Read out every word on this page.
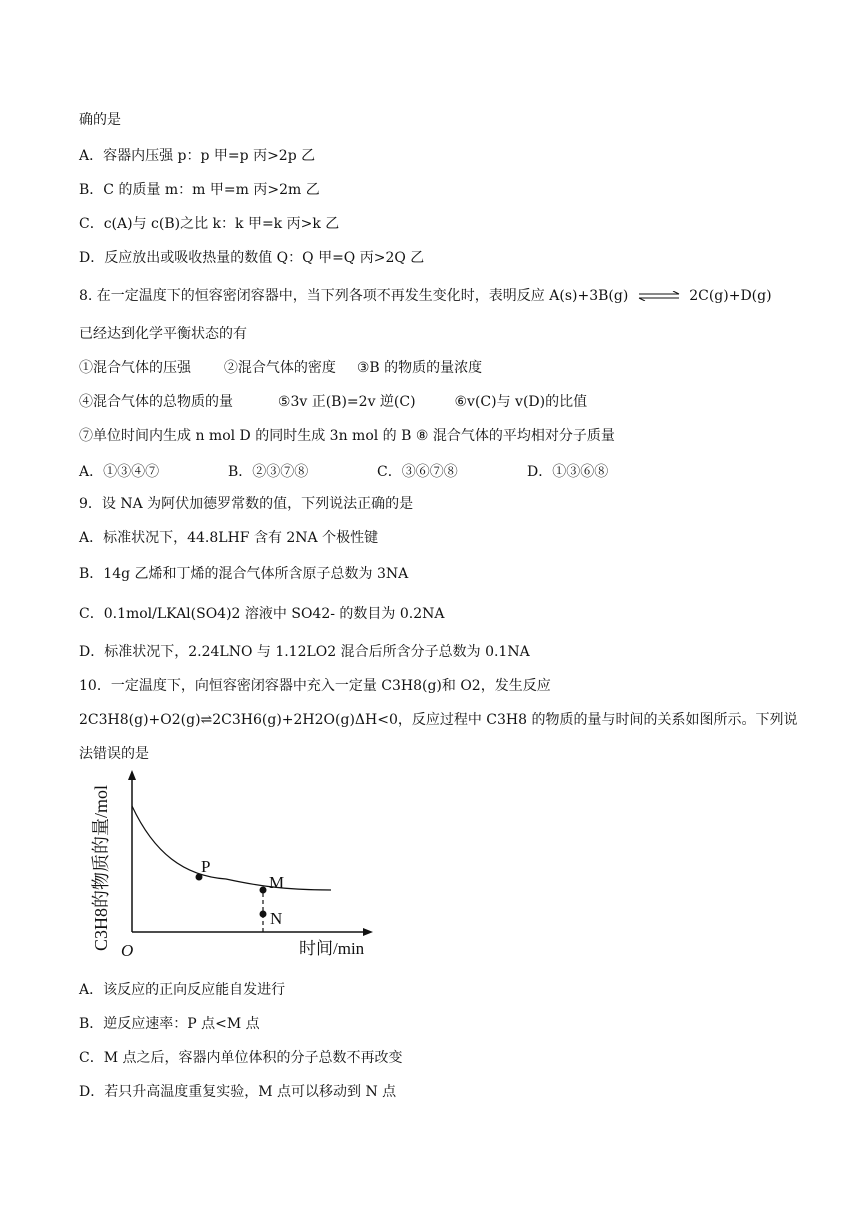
确的是
A．容器内压强 p：p 甲=p 丙>2p 乙
B．C 的质量 m：m 甲=m 丙>2m 乙
C．c(A)与 c(B)之比 k：k 甲=k 丙>k 乙
D．反应放出或吸收热量的数值 Q：Q 甲=Q 丙>2Q 乙
8. 在一定温度下的恒容密闭容器中，当下列各项不再发生变化时，表明反应 A(s)+3B(g) ⇌ 2C(g)+D(g)
已经达到化学平衡状态的有
①混合气体的压强 ②混合气体的密度 ③B 的物质的量浓度
④混合气体的总物质的量	⑤3v 正(B)=2v 逆(C)	⑥v(C)与 v(D)的比值
⑦单位时间内生成 n mol D 的同时生成 3n mol 的 B ⑧ 混合气体的平均相对分子质量
A．①③④⑦	B．②③⑦⑧	C．③⑥⑦⑧	D．①③⑥⑧
9．设 NA 为阿伏加德罗常数的值，下列说法正确的是
A．标准状况下，44.8LHF 含有 2NA 个极性键
B．14g 乙烯和丁烯的混合气体所含原子总数为 3NA
C．0.1mol/LKAl(SO4)2 溶液中 SO42- 的数目为 0.2NA
D．标准状况下，2.24LNO 与 1.12LO2 混合后所含分子总数为 0.1NA
10．一定温度下，向恒容密闭容器中充入一定量 C3H8(g)和 O2，发生反应
2C3H8(g)+O2(g)⇌2C3H6(g)+2H2O(g)ΔH<0，反应过程中 C3H8 的物质的量与时间的关系如图所示。下列说
法错误的是
C3H8的物质的量/mol	P
M
N
O	时间/min
A．该反应的正向反应能自发进行
B．逆反应速率：P 点<M 点
C．M 点之后，容器内单位体积的分子总数不再改变
D．若只升高温度重复实验，M 点可以移动到 N 点
